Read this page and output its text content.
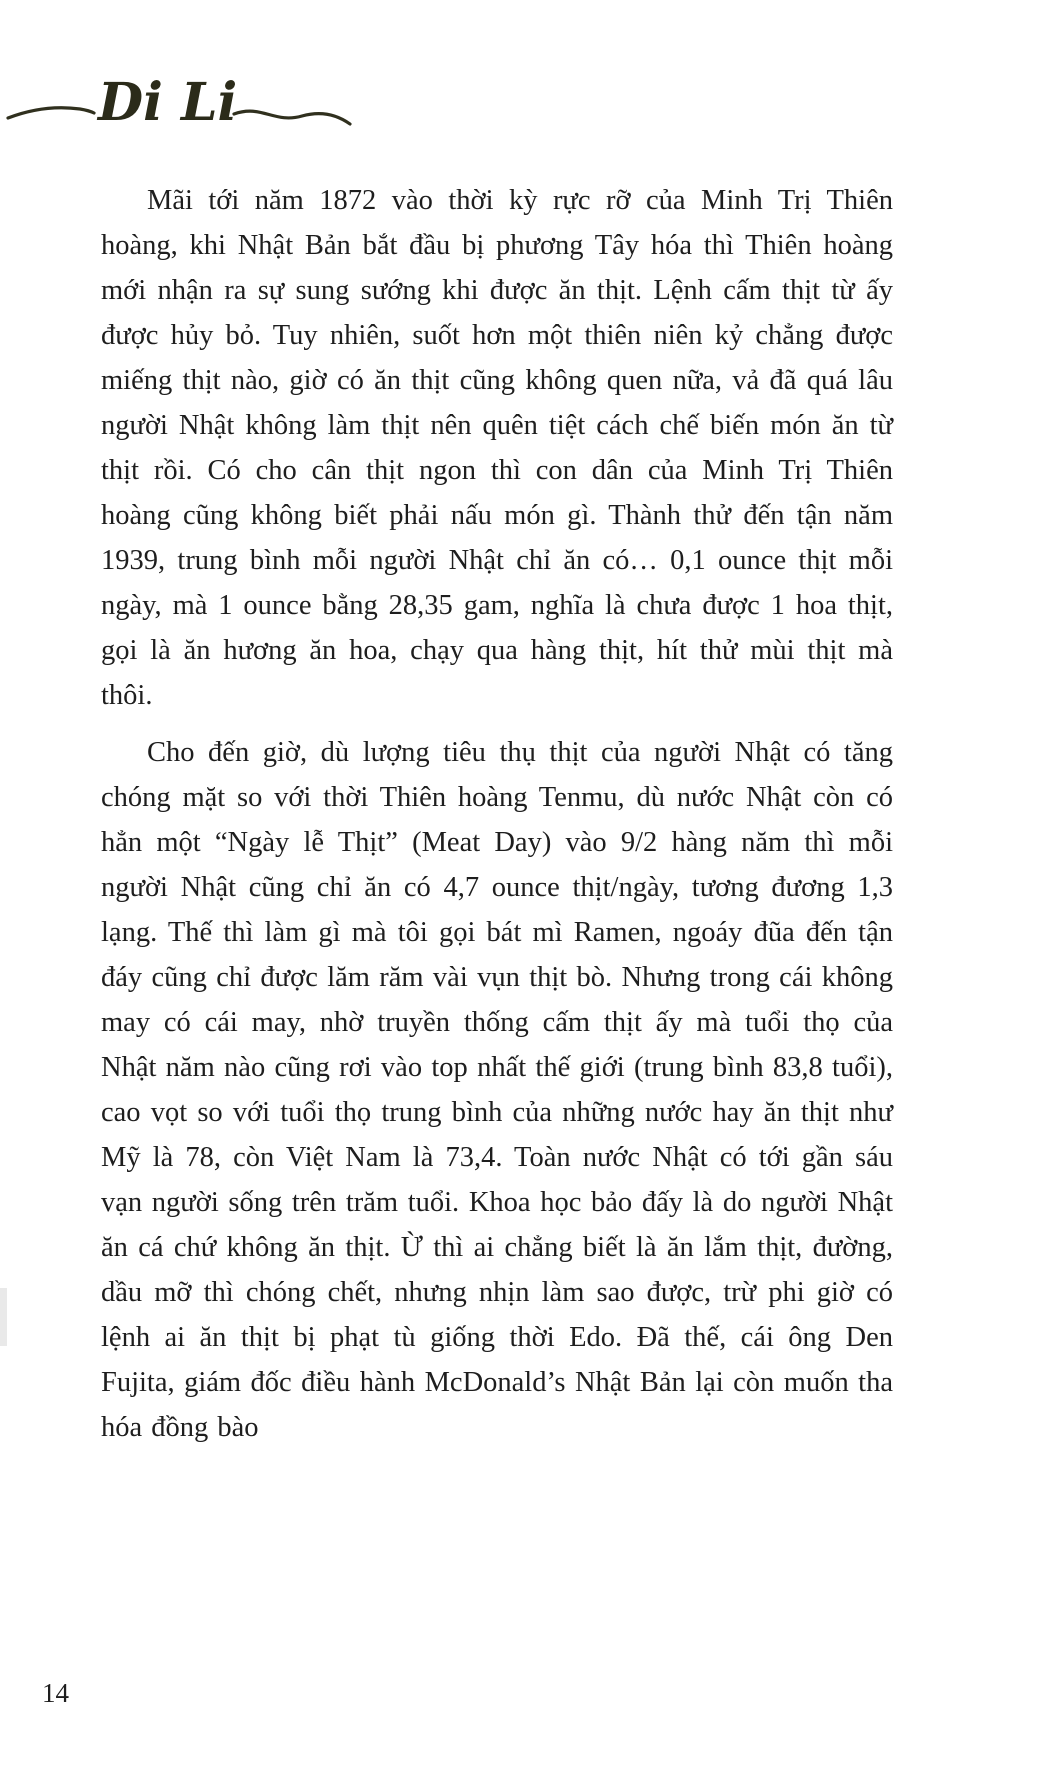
Di Li

Mãi tới năm 1872 vào thời kỳ rực rỡ của Minh Trị Thiên hoàng, khi Nhật Bản bắt đầu bị phương Tây hóa thì Thiên hoàng mới nhận ra sự sung sướng khi được ăn thịt. Lệnh cấm thịt từ ấy được hủy bỏ. Tuy nhiên, suốt hơn một thiên niên kỷ chẳng được miếng thịt nào, giờ có ăn thịt cũng không quen nữa, vả đã quá lâu người Nhật không làm thịt nên quên tiệt cách chế biến món ăn từ thịt rồi. Có cho cân thịt ngon thì con dân của Minh Trị Thiên hoàng cũng không biết phải nấu món gì. Thành thử đến tận năm 1939, trung bình mỗi người Nhật chỉ ăn có… 0,1 ounce thịt mỗi ngày, mà 1 ounce bằng 28,35 gam, nghĩa là chưa được 1 hoa thịt, gọi là ăn hương ăn hoa, chạy qua hàng thịt, hít thử mùi thịt mà thôi.

Cho đến giờ, dù lượng tiêu thụ thịt của người Nhật có tăng chóng mặt so với thời Thiên hoàng Tenmu, dù nước Nhật còn có hẳn một “Ngày lễ Thịt” (Meat Day) vào 9/2 hàng năm thì mỗi người Nhật cũng chỉ ăn có 4,7 ounce thịt/ngày, tương đương 1,3 lạng. Thế thì làm gì mà tôi gọi bát mì Ramen, ngoáy đũa đến tận đáy cũng chỉ được lăm răm vài vụn thịt bò. Nhưng trong cái không may có cái may, nhờ truyền thống cấm thịt ấy mà tuổi thọ của Nhật năm nào cũng rơi vào top nhất thế giới (trung bình 83,8 tuổi), cao vọt so với tuổi thọ trung bình của những nước hay ăn thịt như Mỹ là 78, còn Việt Nam là 73,4. Toàn nước Nhật có tới gần sáu vạn người sống trên trăm tuổi. Khoa học bảo đấy là do người Nhật ăn cá chứ không ăn thịt. Ừ thì ai chẳng biết là ăn lắm thịt, đường, dầu mỡ thì chóng chết, nhưng nhịn làm sao được, trừ phi giờ có lệnh ai ăn thịt bị phạt tù giống thời Edo. Đã thế, cái ông Den Fujita, giám đốc điều hành McDonald’s Nhật Bản lại còn muốn tha hóa đồng bào

14
